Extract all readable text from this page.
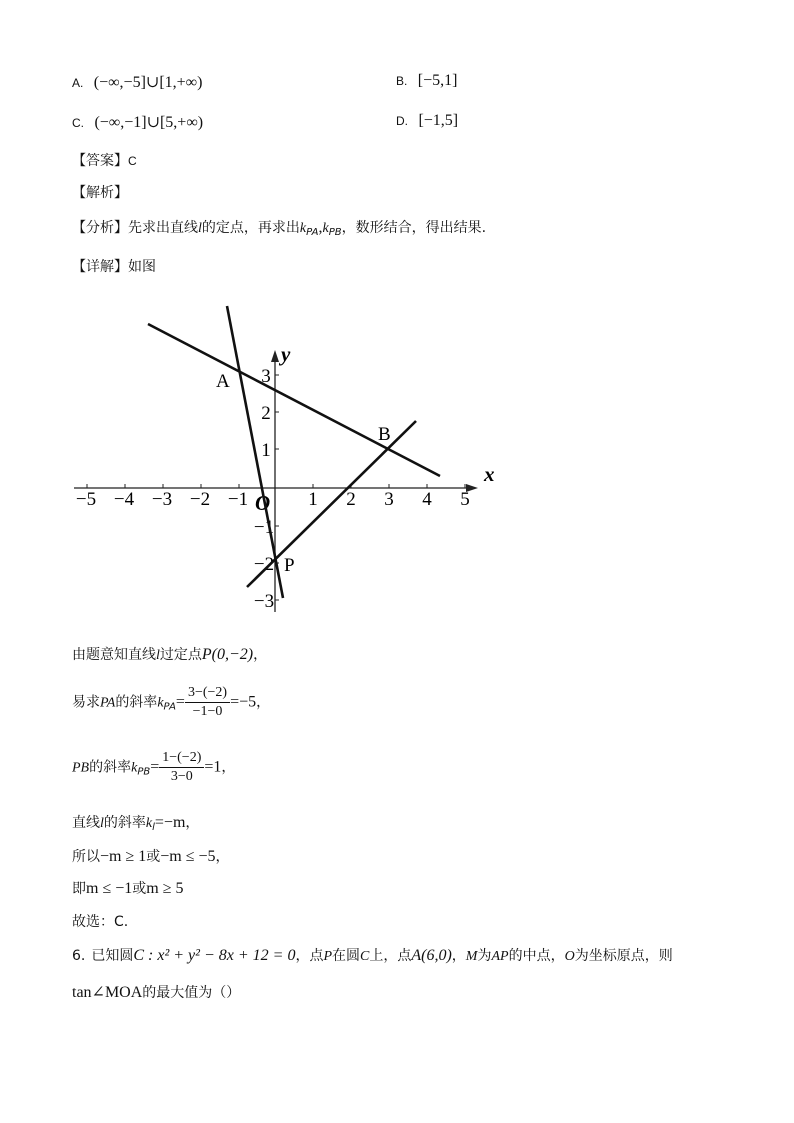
A. (−∞,−5]∪[1,+∞)	B. [−5,1]
C. (−∞,−1]∪[5,+∞)	D. [−1,5]
【答案】C
【解析】
【分析】先求出直线l的定点，再求出$k_{PA},k_{PB}$，数形结合，得出结果.
【详解】如图
−5 −4 −3 −2 −1	1 2 3 4 5
3
2
1
−1
−2
−3
x
y
O
A
B
P
由题意知直线l过定点P(0,−2)，
易求PA的斜率$k_{PA}= \frac{3-(-2)}{-1-0} =-5$，
PB的斜率$k_{PB}= \frac{1-(-2)}{3-0} =1$，
直线l的斜率$k_l=-m$，
所以−m ≥ 1或−m ≤ −5，
即m ≤ −1或m ≥ 5
故选：C.
6. 已知圆C : x² + y² − 8x + 12 = 0，点P在圆C上，点A(6,0)，M为AP的中点，O为坐标原点，则
tan∠MOA的最大值为（）
